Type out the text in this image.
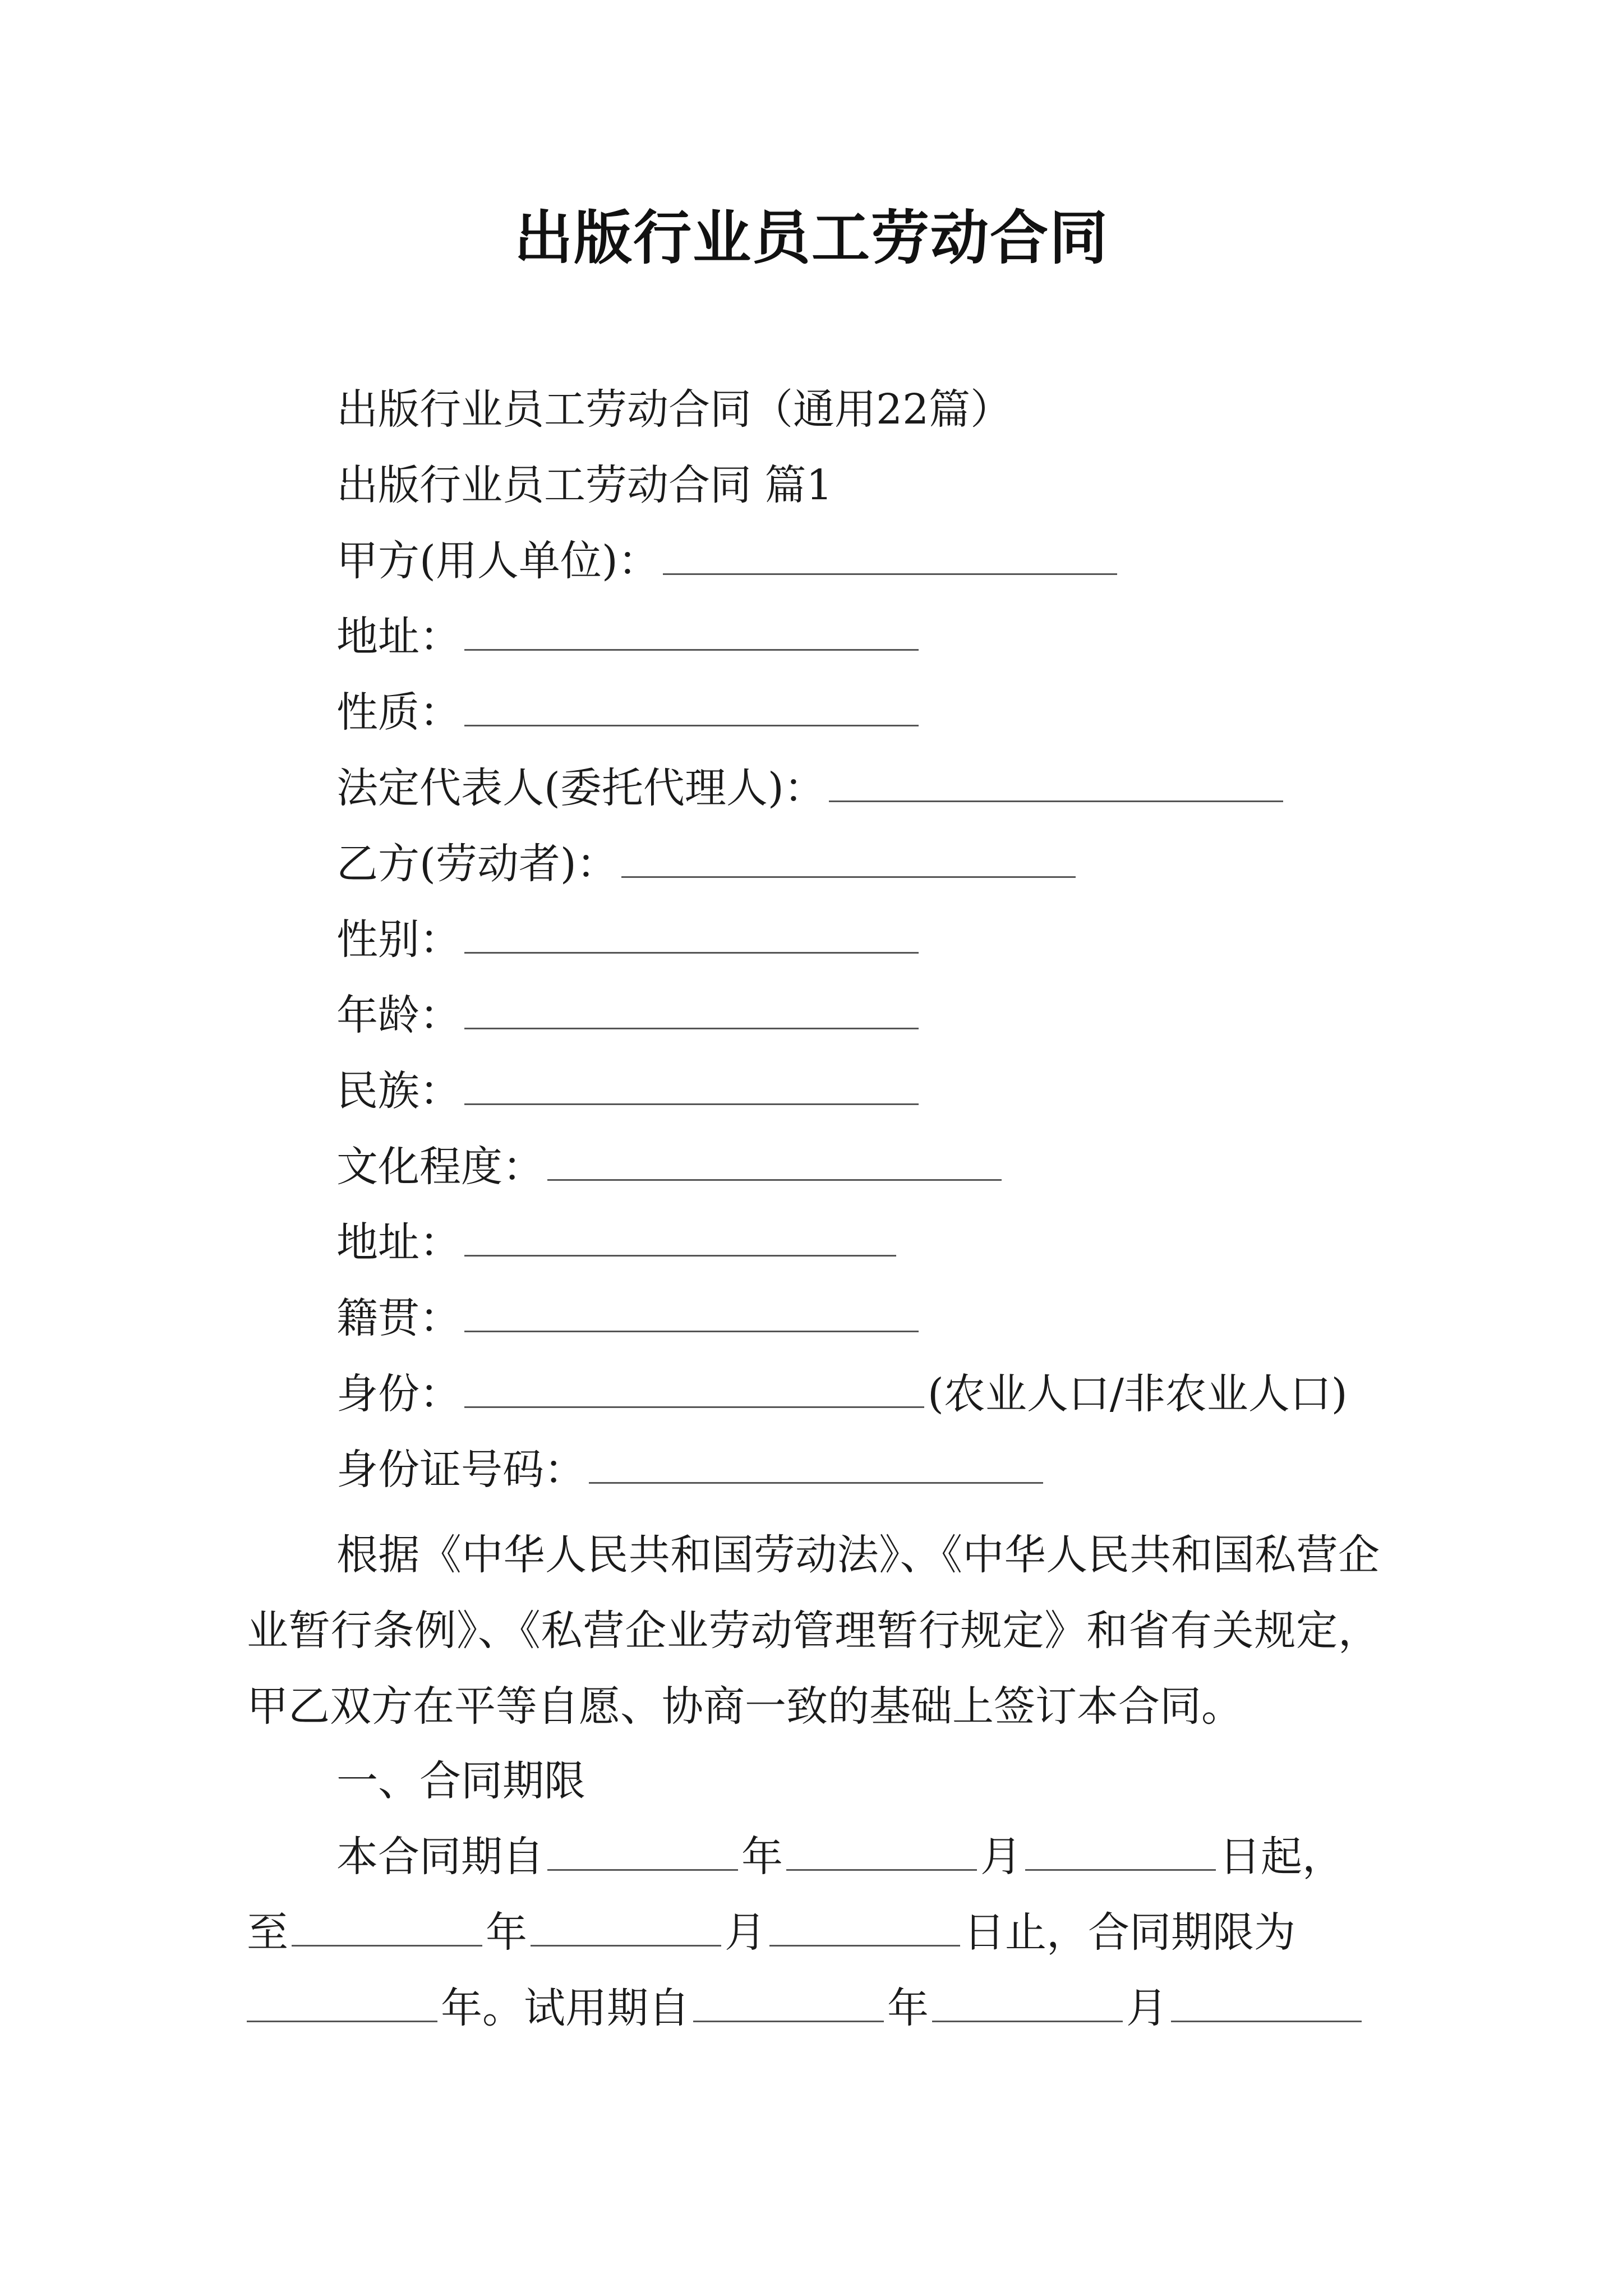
出版行业员工劳动合同
出版行业员工劳动合同（通用22篇）
出版行业员工劳动合同 篇1
甲方(用人单位)：
地址：
性质：
法定代表人(委托代理人)：
乙方(劳动者)：
性别：
年龄：
民族：
文化程度：
地址：
籍贯：
身份：	(农业人口/非农业人口)
身份证号码：
根据《中华人民共和国劳动法》、《中华人民共和国私营企业暂行条例》、《私营企业劳动管理暂行规定》和省有关规定，甲乙双方在平等自愿、协商一致的基础上签订本合同。
一、合同期限
本合同期自	年	月	日起，
至	年	月	日止，合同期限为
年。试用期自	年	月
